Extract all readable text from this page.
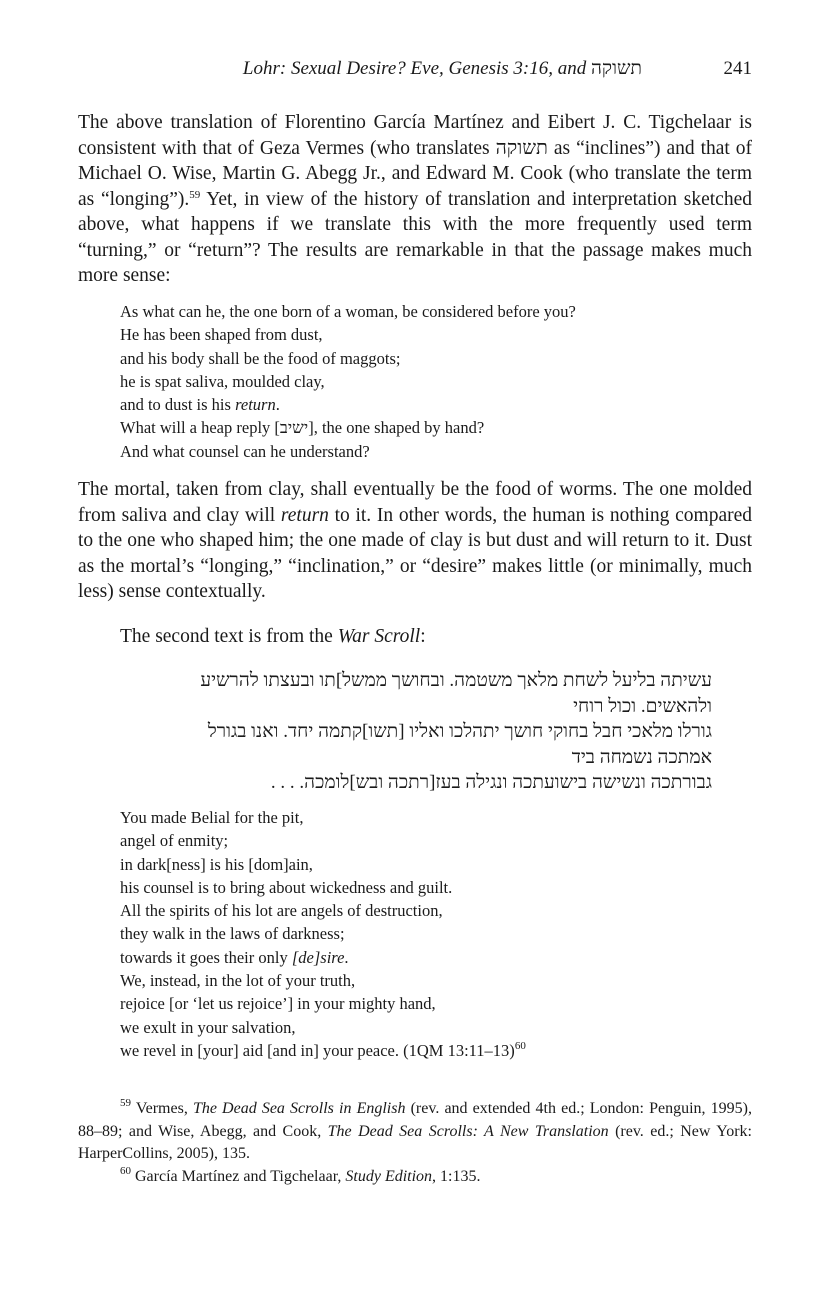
Lohr: Sexual Desire? Eve, Genesis 3:16, and תשוקה	241

The above translation of Florentino García Martínez and Eibert J. C. Tigchelaar is consistent with that of Geza Vermes (who translates תשוקה as “inclines”) and that of Michael O. Wise, Martin G. Abegg Jr., and Edward M. Cook (who translate the term as “longing”).$^{59}$ Yet, in view of the history of translation and interpretation sketched above, what happens if we translate this with the more frequently used term “turning,” or “return”? The results are remarkable in that the passage makes much more sense:

As what can he, the one born of a woman, be considered before you?
He has been shaped from dust,
and his body shall be the food of maggots;
he is spat saliva, moulded clay,
and to dust is his return.
What will a heap reply [ישיב], the one shaped by hand?
And what counsel can he understand?

The mortal, taken from clay, shall eventually be the food of worms. The one molded from saliva and clay will return to it. In other words, the human is nothing compared to the one who shaped him; the one made of clay is but dust and will return to it. Dust as the mortal’s “longing,” “inclination,” or “desire” makes little (or minimally, much less) sense contextually.

The second text is from the War Scroll:

עשיתה בליעל לשחת מלאך משטמה. ובחושך ממשל]תו ובעצתו להרשיע
ולהאשים. וכול רוחי
גורלו מלאכי חבל בחוקי חושך יתהלכו ואליו [תשו]קתמה יחד. ואנו בגורל
אמתכה נשמחה ביד
גבורתכה ונשישה בישועתכה ונגילה בעז[רתכה ובש]לומכה. . . .
You made Belial for the pit,
angel of enmity;
in dark[ness] is his [dom]ain,
his counsel is to bring about wickedness and guilt.
All the spirits of his lot are angels of destruction,
they walk in the laws of darkness;
towards it goes their only [de]sire.
We, instead, in the lot of your truth,
rejoice [or ‘let us rejoice’] in your mighty hand,
we exult in your salvation,
we revel in [your] aid [and in] your peace. (1QM 13:11–13)$^{60}$

$^{59}$ Vermes, The Dead Sea Scrolls in English (rev. and extended 4th ed.; London: Penguin, 1995), 88–89; and Wise, Abegg, and Cook, The Dead Sea Scrolls: A New Translation (rev. ed.; New York: HarperCollins, 2005), 135.

$^{60}$ García Martínez and Tigchelaar, Study Edition, 1:135.
